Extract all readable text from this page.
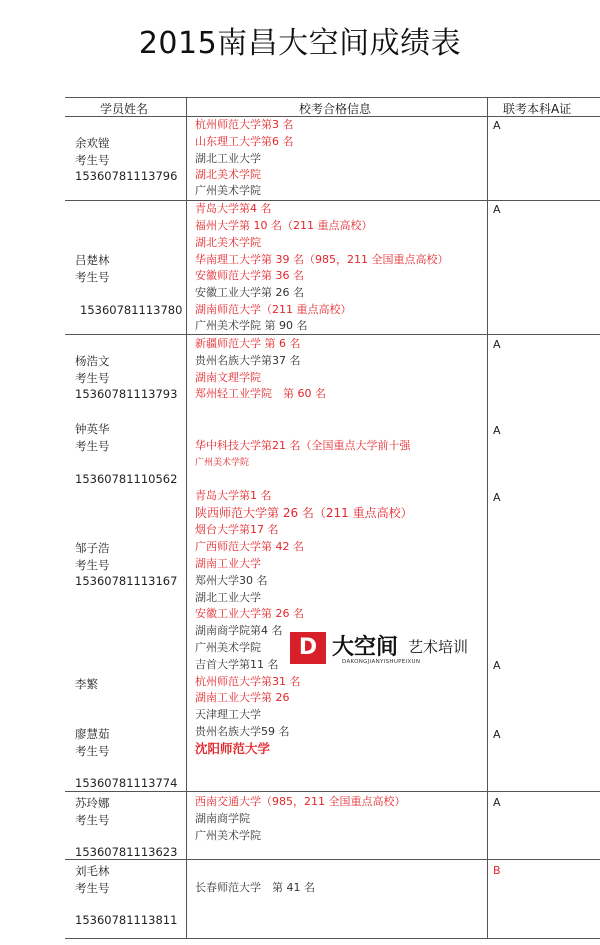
2015南昌大空间成绩表
学员姓名	校考合格信息	联考本科A证
余欢镗
考生号
15360781113796
A
杭州师范大学第3 名
山东理工大学第6 名
湖北工业大学
湖北美术学院
广州美术学院
吕楚林
考生号
15360781113780
A
青岛大学第4 名
福州大学第 10 名（211 重点高校）
湖北美术学院
华南理工大学第 39 名（985，211 全国重点高校）
安徽师范大学第 36 名
安徽工业大学第 26 名
湖南师范大学（211 重点高校）
广州美术学院 第 90 名
杨浩文
考生号
15360781113793
A
新疆师范大学 第 6 名
贵州名族大学第37 名
湖南文理学院
郑州轻工业学院　第 60 名
钟英华
考生号
15360781110562
A
华中科技大学第21 名（全国重点大学前十强
广州美术学院
邹子浩
考生号
15360781113167
A
青岛大学第1 名
陕西师范大学第 26 名（211 重点高校）
烟台大学第17 名
广西师范大学第 42 名
湖南工业大学
郑州大学30 名
湖北工业大学
安徽工业大学第 26 名
湖南商学院第4 名
广州美术学院
李繁
A
吉首大学第11 名
杭州师范大学第31 名
湖南工业大学第 26
廖慧茹
考生号
15360781113774
A
天津理工大学
贵州名族大学59 名
沈阳师范大学
苏玲娜
考生号
15360781113623
A
西南交通大学（985，211 全国重点高校）
湖南商学院
广州美术学院
刘毛林
考生号
15360781113811
B
长春师范大学　第 41 名
D 大空间 艺术培训
DAKONGJIANYISHUPEIXUN
